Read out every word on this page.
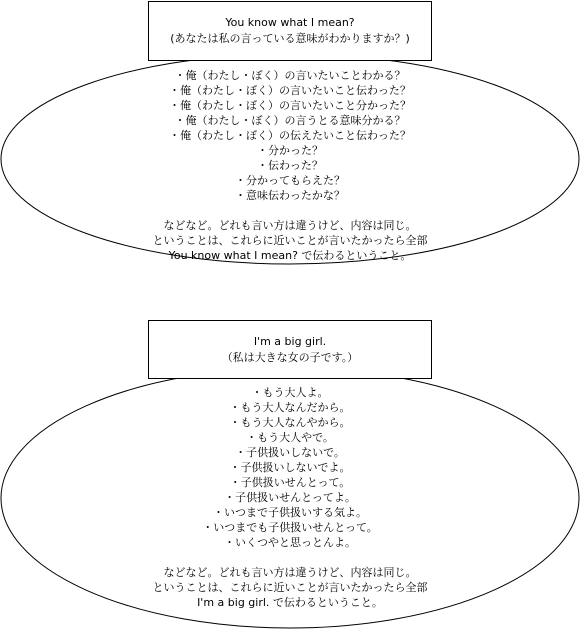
・俺（わたし・ぼく）の言いたいことわかる？
・俺（わたし・ぼく）の言いたいこと伝わった？
・俺（わたし・ぼく）の言いたいこと分かった？
・俺（わたし・ぼく）の言うとる意味分かる？
・俺（わたし・ぼく）の伝えたいこと伝わった？
・分かった？
・伝わった？
・分かってもらえた？
・意味伝わったかな？
などなど。どれも言い方は違うけど、内容は同じ。
ということは、これらに近いことが言いたかったら全部
You know what I mean? で伝わるということ。
You know what I mean?
(あなたは私の言っている意味がわかりますか？)
・もう大人よ。
・もう大人なんだから。
・もう大人なんやから。
・もう大人やで。
・子供扱いしないで。
・子供扱いしないでよ。
・子供扱いせんとって。
・子供扱いせんとってよ。
・いつまで子供扱いする気よ。
・いつまでも子供扱いせんとって。
・いくつやと思っとんよ。
などなど。どれも言い方は違うけど、内容は同じ。
ということは、これらに近いことが言いたかったら全部
I'm a big girl. で伝わるということ。
I'm a big girl.
（私は大きな女の子です。）
